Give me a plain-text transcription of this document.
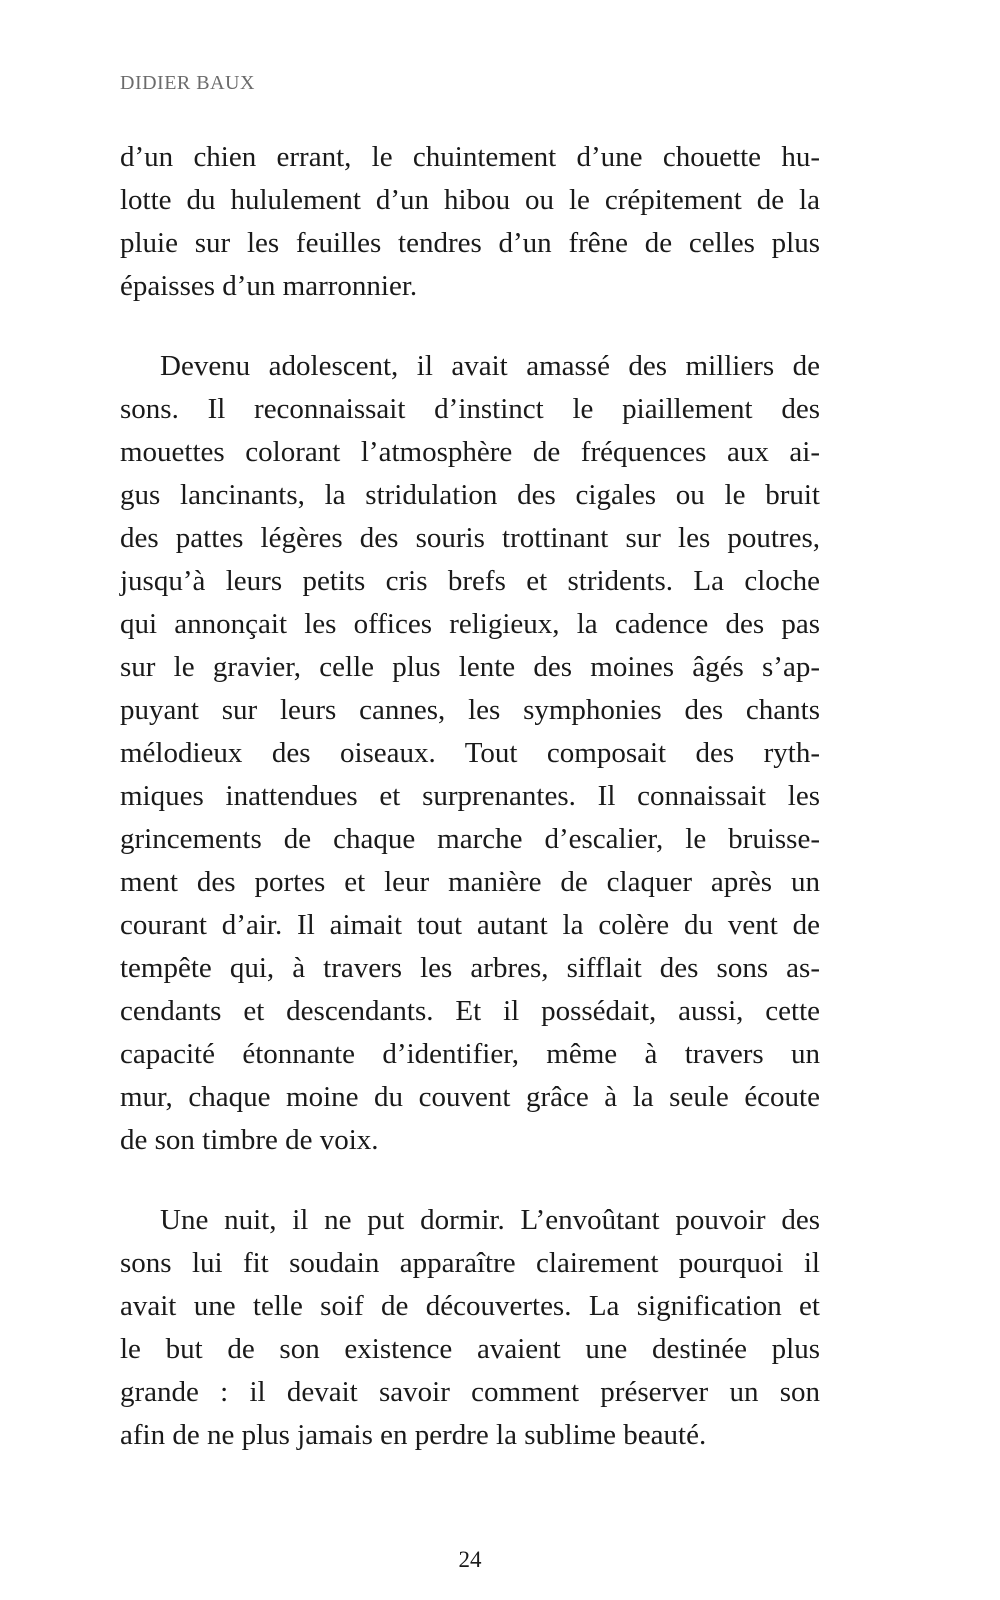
DIDIER BAUX
d’un chien errant, le chuintement d’une chouette hu-
lotte du hululement d’un hibou ou le crépitement de la
pluie sur les feuilles tendres d’un frêne de celles plus
épaisses d’un marronnier.
Devenu adolescent, il avait amassé des milliers de
sons. Il reconnaissait d’instinct le piaillement des
mouettes colorant l’atmosphère de fréquences aux ai-
gus lancinants, la stridulation des cigales ou le bruit
des pattes légères des souris trottinant sur les poutres,
jusqu’à leurs petits cris brefs et stridents. La cloche
qui annonçait les offices religieux, la cadence des pas
sur le gravier, celle plus lente des moines âgés s’ap-
puyant sur leurs cannes, les symphonies des chants
mélodieux des oiseaux. Tout composait des ryth-
miques inattendues et surprenantes. Il connaissait les
grincements de chaque marche d’escalier, le bruisse-
ment des portes et leur manière de claquer après un
courant d’air. Il aimait tout autant la colère du vent de
tempête qui, à travers les arbres, sifflait des sons as-
cendants et descendants. Et il possédait, aussi, cette
capacité étonnante d’identifier, même à travers un
mur, chaque moine du couvent grâce à la seule écoute
de son timbre de voix.
Une nuit, il ne put dormir. L’envoûtant pouvoir des
sons lui fit soudain apparaître clairement pourquoi il
avait une telle soif de découvertes. La signification et
le but de son existence avaient une destinée plus
grande : il devait savoir comment préserver un son
afin de ne plus jamais en perdre la sublime beauté.
24
